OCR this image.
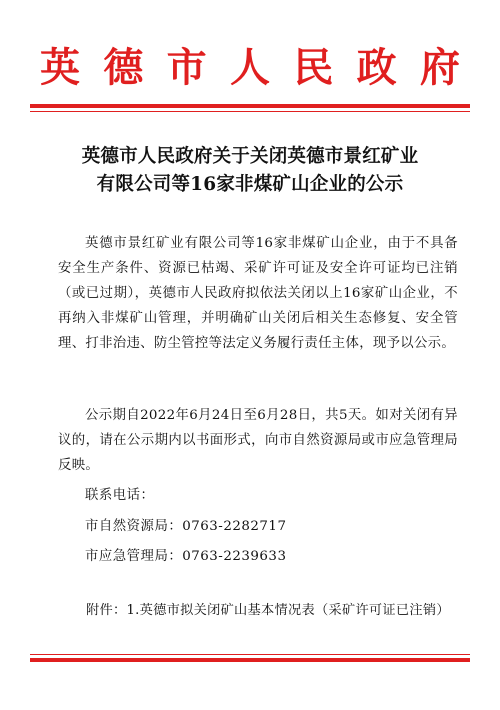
英 德 市 人 民 政 府
英德市人民政府关于关闭英德市景红矿业
有限公司等16家非煤矿山企业的公示
英德市景红矿业有限公司等16家非煤矿山企业，由于不具备安全生产条件、资源已枯竭、采矿许可证及安全许可证均已注销（或已过期），英德市人民政府拟依法关闭以上16家矿山企业，不再纳入非煤矿山管理，并明确矿山关闭后相关生态修复、安全管理、打非治违、防尘管控等法定义务履行责任主体，现予以公示。
公示期自2022年6月24日至6月28日，共5天。如对关闭有异议的，请在公示期内以书面形式，向市自然资源局或市应急管理局反映。
联系电话：
市自然资源局：0763-2282717
市应急管理局：0763-2239633
附件：1.英德市拟关闭矿山基本情况表（采矿许可证已注销）
